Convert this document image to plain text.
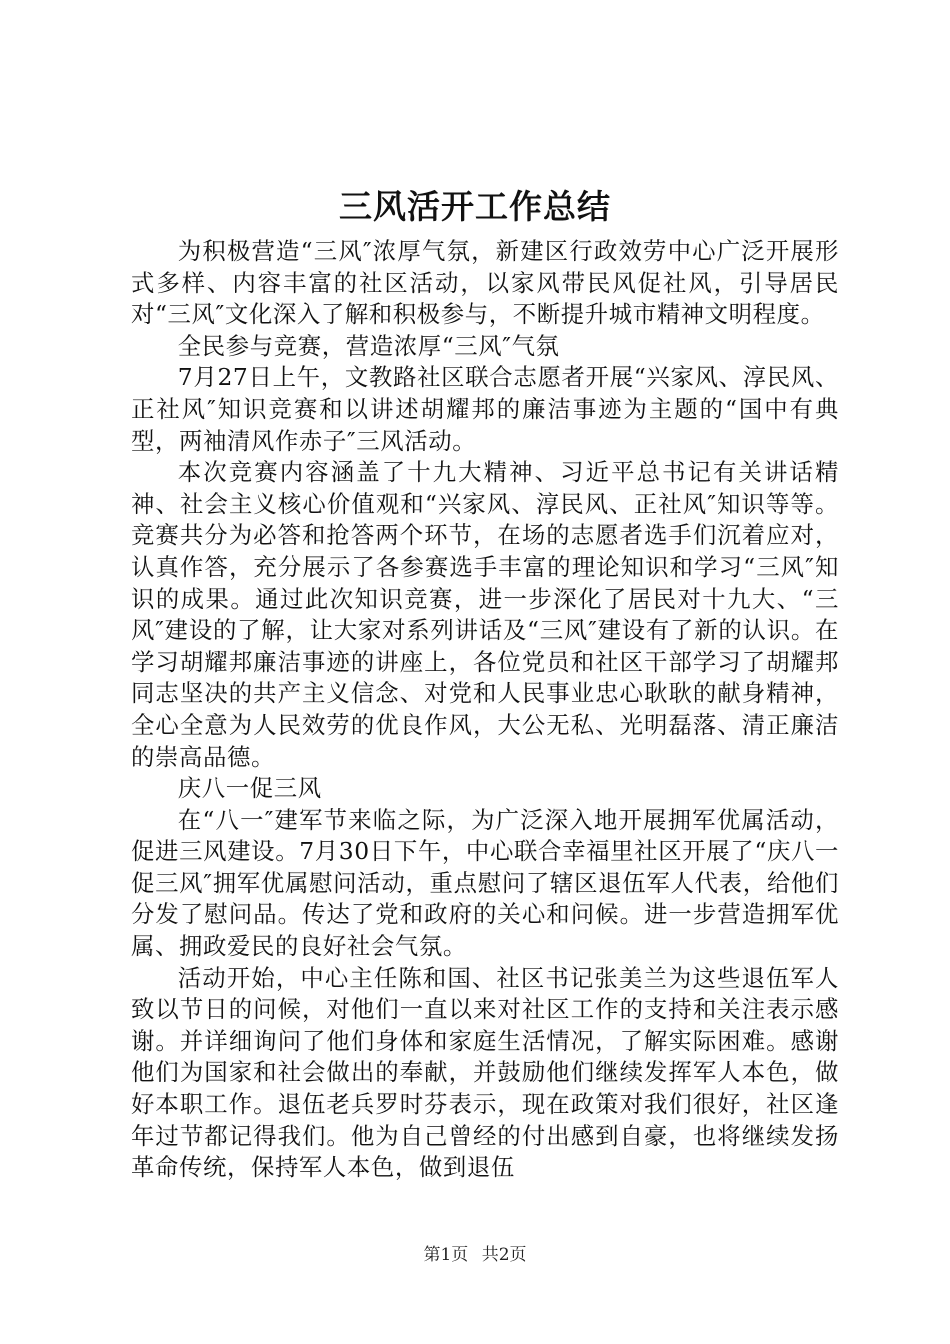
三风活开工作总结

为积极营造“三风″浓厚气氛，新建区行政效劳中心广泛开展形式多样、内容丰富的社区活动，以家风带民风促社风，引导居民对“三风″文化深入了解和积极参与，不断提升城市精神文明程度。

全民参与竞赛，营造浓厚“三风″气氛

7月27日上午，文教路社区联合志愿者开展“兴家风、淳民风、正社风″知识竞赛和以讲述胡耀邦的廉洁事迹为主题的“国中有典型，两袖清风作赤子″三风活动。

本次竞赛内容涵盖了十九大精神、习近平总书记有关讲话精神、社会主义核心价值观和“兴家风、淳民风、正社风″知识等等。竞赛共分为必答和抢答两个环节，在场的志愿者选手们沉着应对，认真作答，充分展示了各参赛选手丰富的理论知识和学习“三风″知识的成果。通过此次知识竞赛，进一步深化了居民对十九大、“三风″建设的了解，让大家对系列讲话及“三风″建设有了新的认识。在学习胡耀邦廉洁事迹的讲座上，各位党员和社区干部学习了胡耀邦同志坚决的共产主义信念、对党和人民事业忠心耿耿的献身精神，全心全意为人民效劳的优良作风，大公无私、光明磊落、清正廉洁的崇高品德。

庆八一促三风

在“八一″建军节来临之际，为广泛深入地开展拥军优属活动，促进三风建设。7月30日下午，中心联合幸福里社区开展了“庆八一促三风″拥军优属慰问活动，重点慰问了辖区退伍军人代表，给他们分发了慰问品。传达了党和政府的关心和问候。进一步营造拥军优属、拥政爱民的良好社会气氛。

活动开始，中心主任陈和国、社区书记张美兰为这些退伍军人致以节日的问候，对他们一直以来对社区工作的支持和关注表示感谢。并详细询问了他们身体和家庭生活情况，了解实际困难。感谢他们为国家和社会做出的奉献，并鼓励他们继续发挥军人本色，做好本职工作。退伍老兵罗时芬表示，现在政策对我们很好，社区逢年过节都记得我们。他为自己曾经的付出感到自豪，也将继续发扬革命传统，保持军人本色，做到退伍

第1页 共2页
